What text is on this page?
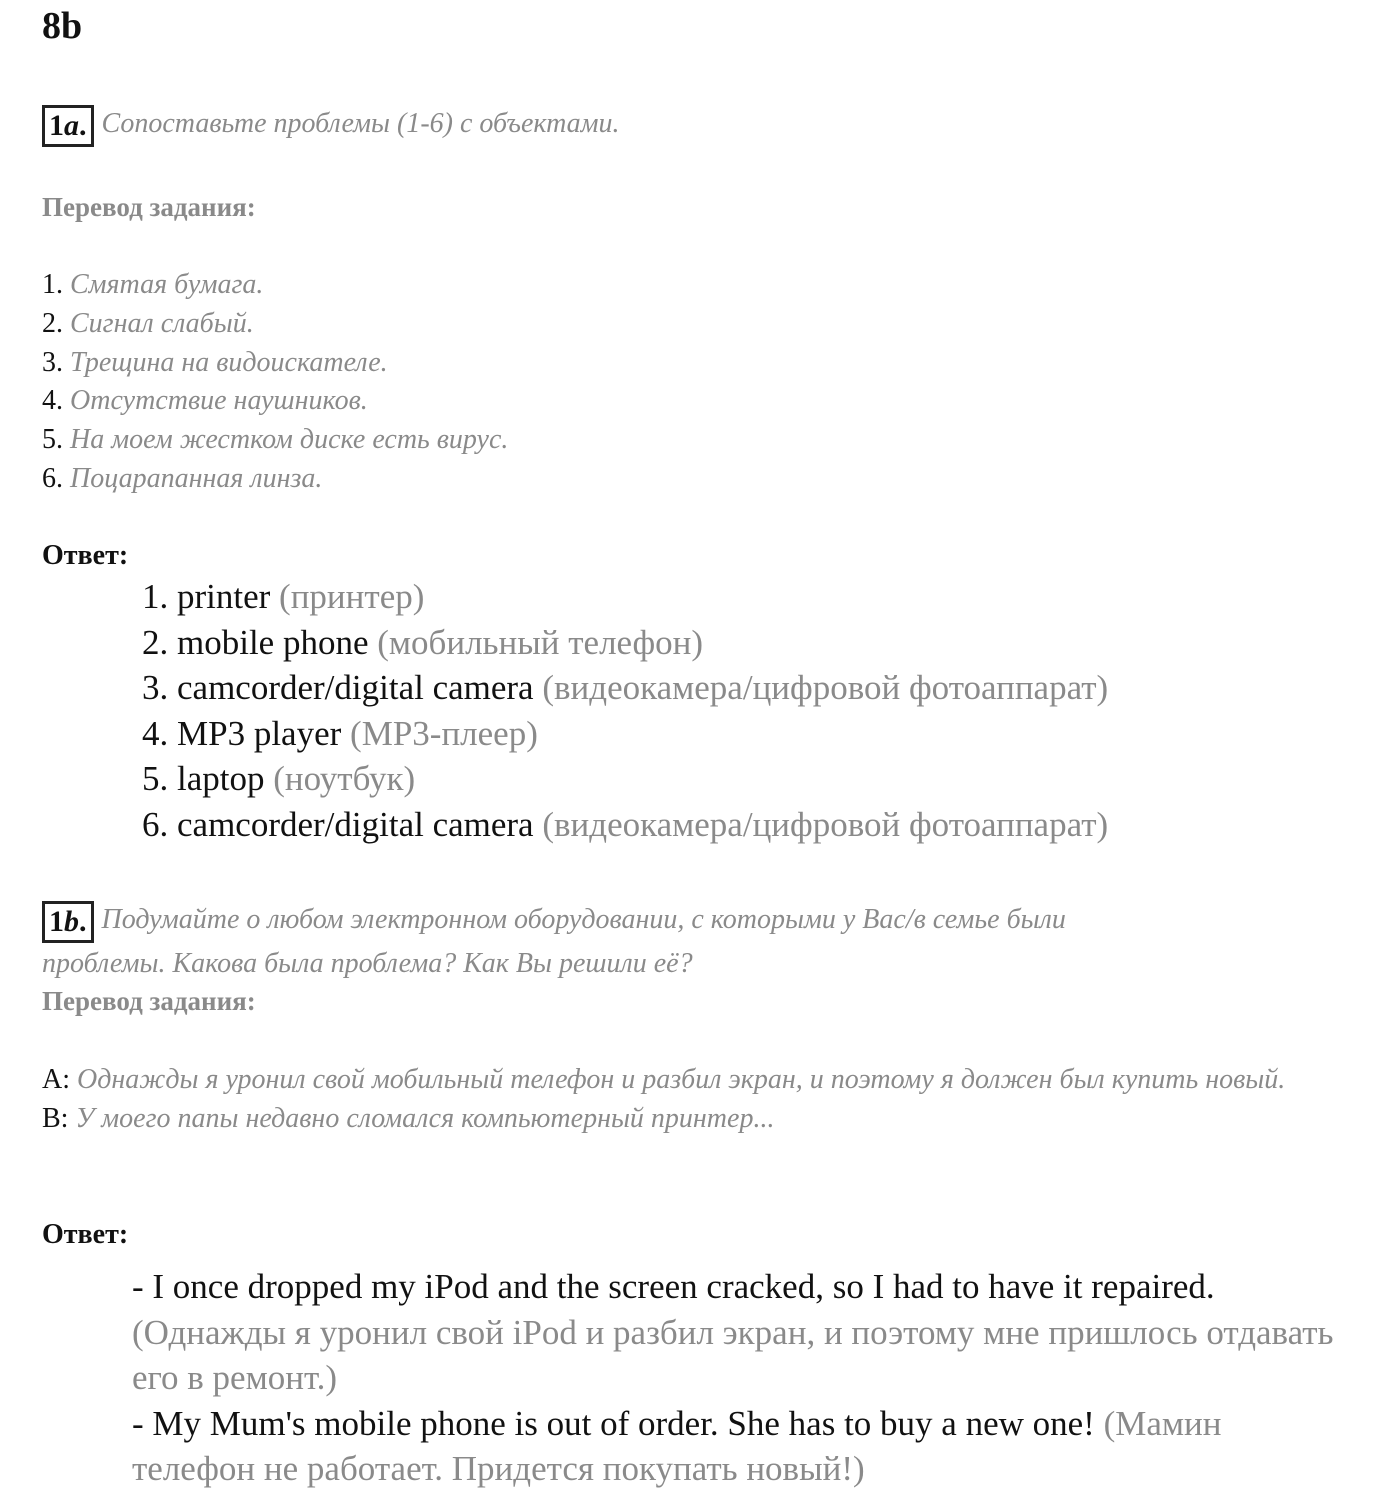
8b
1a. Сопоставьте проблемы (1-6) с объектами.
Перевод задания:
1. Смятая бумага.
2. Сигнал слабый.
3. Трещина на видоискателе.
4. Отсутствие наушников.
5. На моем жестком диске есть вирус.
6. Поцарапанная линза.
Ответ:
1. printer (принтер)
2. mobile phone (мобильный телефон)
3. camcorder/digital camera (видеокамера/цифровой фотоаппарат)
4. MP3 player (MP3-плеер)
5. laptop (ноутбук)
6. camcorder/digital camera (видеокамера/цифровой фотоаппарат)
1b. Подумайте о любом электронном оборудовании, с которыми у Вас/в семье были
проблемы. Какова была проблема? Как Вы решили её?
Перевод задания:
A: Однажды я уронил свой мобильный телефон и разбил экран, и поэтому я должен был купить новый.
B: У моего папы недавно сломался компьютерный принтер...
Ответ:
- I once dropped my iPod and the screen cracked, so I had to have it repaired. (Однажды я уронил свой iPod и разбил экран, и поэтому мне пришлось отдавать его в ремонт.)
- My Mum's mobile phone is out of order. She has to buy a new one! (Мамин телефон не работает. Придется покупать новый!)
